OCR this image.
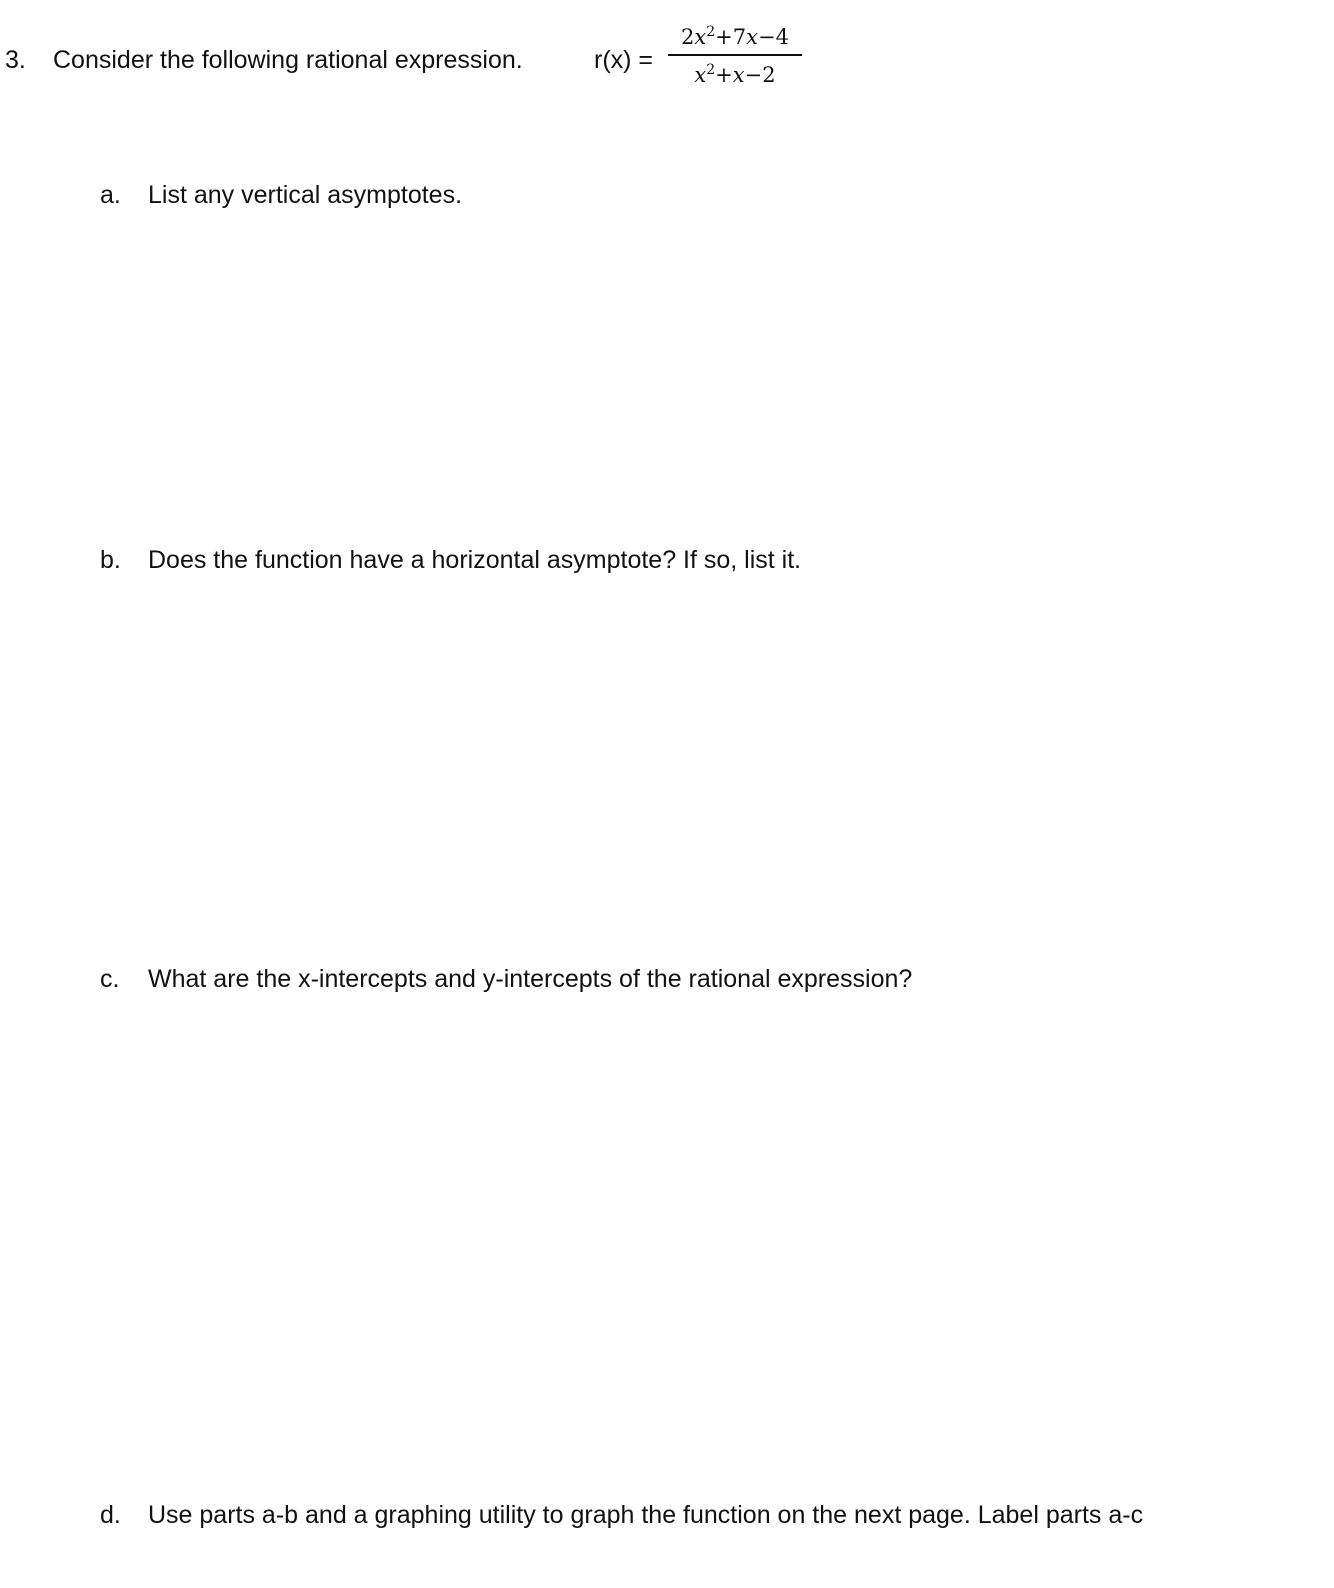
3. Consider the following rational expression.	r(x) =
$2x^2+7x-4$
$x^2+x-2$
a. List any vertical asymptotes.
b. Does the function have a horizontal asymptote? If so, list it.
c. What are the x-intercepts and y-intercepts of the rational expression?
d. Use parts a-b and a graphing utility to graph the function on the next page. Label parts a-c
